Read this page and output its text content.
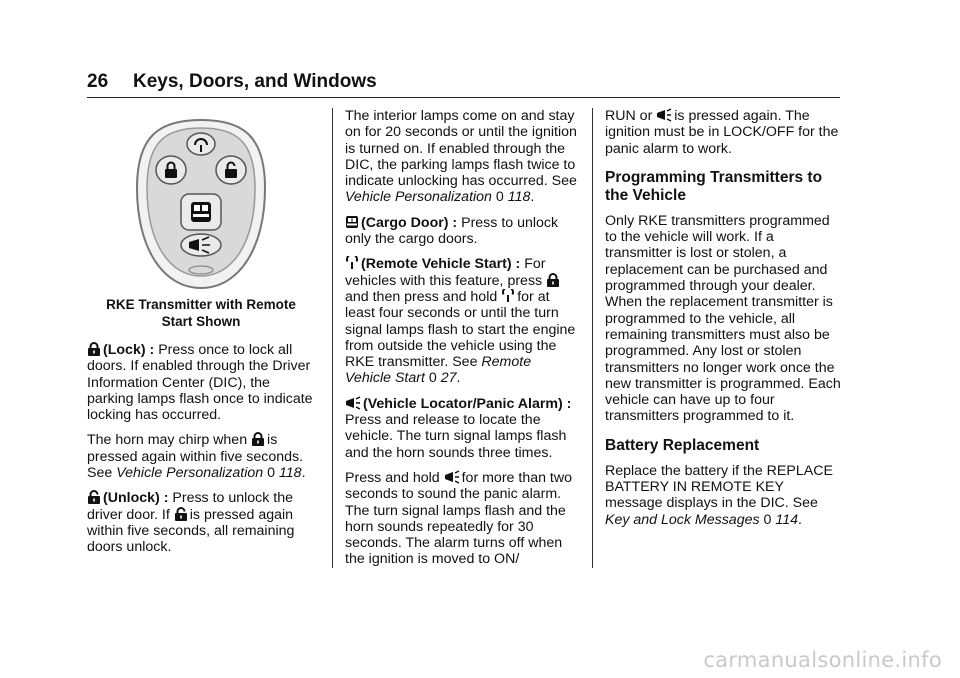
26 Keys, Doors, and Windows
RKE Transmitter with Remote
Start Shown

(Lock) : Press once to lock all doors. If enabled through the Driver Information Center (DIC), the parking lamps flash once to indicate locking has occurred.

The horn may chirp when is pressed again within five seconds. See Vehicle Personalization 0 118.

(Unlock) : Press to unlock the driver door. If is pressed again within five seconds, all remaining doors unlock.

The interior lamps come on and stay on for 20 seconds or until the ignition is turned on. If enabled through the DIC, the parking lamps flash twice to indicate unlocking has occurred. See Vehicle Personalization 0 118.

(Cargo Door) : Press to unlock only the cargo doors.

(Remote Vehicle Start) : For vehicles with this feature, press  and then press and hold for at least four seconds or until the turn signal lamps flash to start the engine from outside the vehicle using the RKE transmitter. See Remote Vehicle Start 0 27.

(Vehicle Locator/Panic Alarm) : Press and release to locate the vehicle. The turn signal lamps flash and the horn sounds three times.

Press and hold for more than two seconds to sound the panic alarm. The turn signal lamps flash and the horn sounds repeatedly for 30 seconds. The alarm turns off when the ignition is moved to ON/

RUN or is pressed again. The ignition must be in LOCK/OFF for the panic alarm to work.

Programming Transmitters to the Vehicle

Only RKE transmitters programmed to the vehicle will work. If a transmitter is lost or stolen, a replacement can be purchased and programmed through your dealer. When the replacement transmitter is programmed to the vehicle, all remaining transmitters must also be programmed. Any lost or stolen transmitters no longer work once the new transmitter is programmed. Each vehicle can have up to four transmitters programmed to it.

Battery Replacement

Replace the battery if the REPLACE BATTERY IN REMOTE KEY message displays in the DIC. See Key and Lock Messages 0 114.

carmanualsonline.info
